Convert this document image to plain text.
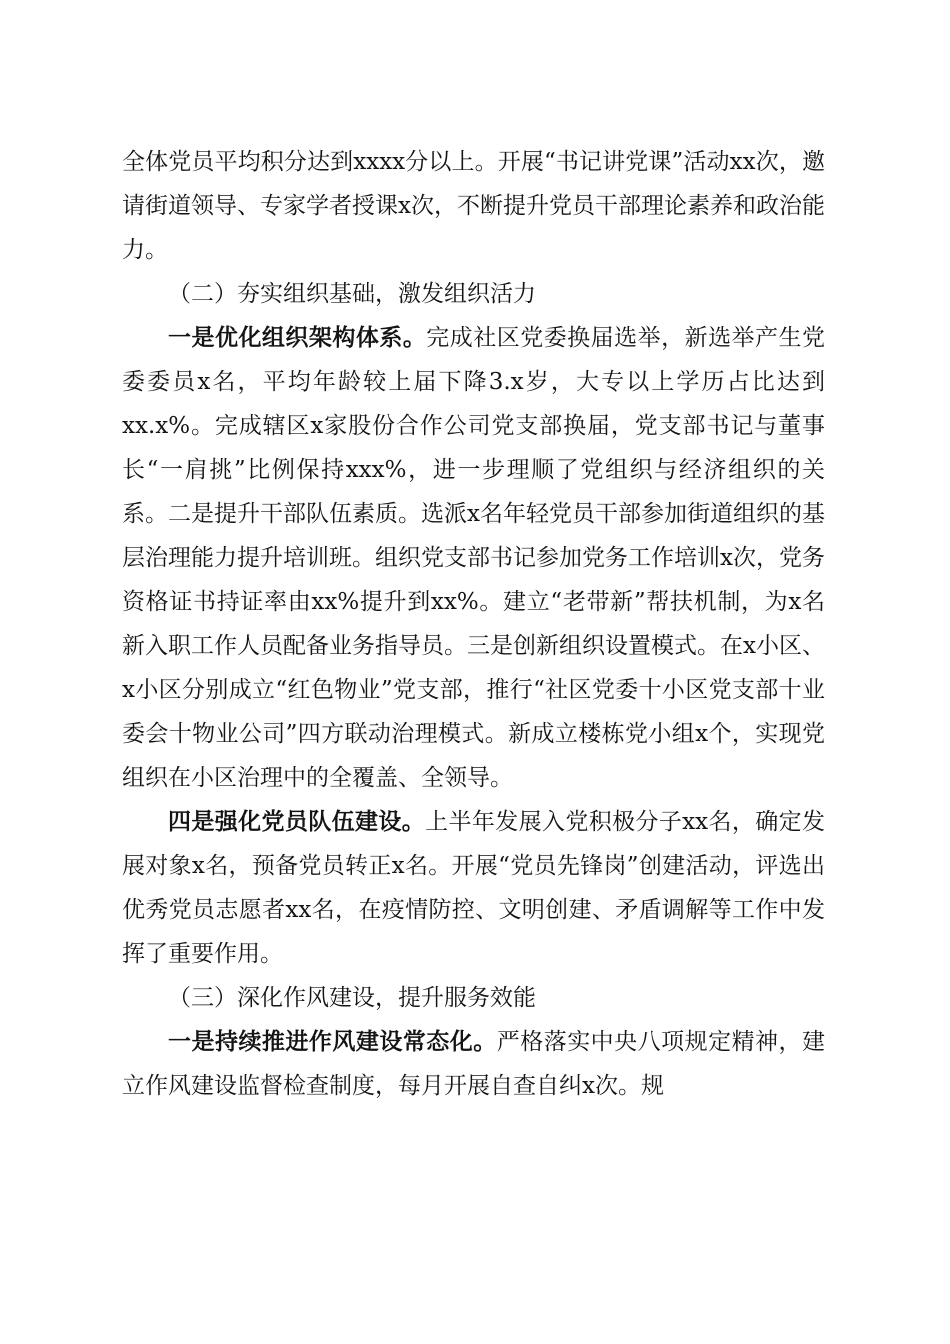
全体党员平均积分达到xxxx分以上。开展“书记讲党课”活动xx次，邀请街道领导、专家学者授课x次，不断提升党员干部理论素养和政治能力。

（二）夯实组织基础，激发组织活力

一是优化组织架构体系。完成社区党委换届选举，新选举产生党委委员x名，平均年龄较上届下降3.x岁，大专以上学历占比达到xx.x%。完成辖区x家股份合作公司党支部换届，党支部书记与董事长“一肩挑”比例保持xxx%，进一步理顺了党组织与经济组织的关系。二是提升干部队伍素质。选派x名年轻党员干部参加街道组织的基层治理能力提升培训班。组织党支部书记参加党务工作培训x次，党务资格证书持证率由xx%提升到xx%。建立“老带新”帮扶机制，为x名新入职工作人员配备业务指导员。三是创新组织设置模式。在x小区、x小区分别成立“红色物业”党支部，推行“社区党委十小区党支部十业委会十物业公司”四方联动治理模式。新成立楼栋党小组x个，实现党组织在小区治理中的全覆盖、全领导。

四是强化党员队伍建设。上半年发展入党积极分子xx名，确定发展对象x名，预备党员转正x名。开展“党员先锋岗”创建活动，评选出优秀党员志愿者xx名，在疫情防控、文明创建、矛盾调解等工作中发挥了重要作用。

（三）深化作风建设，提升服务效能

一是持续推进作风建设常态化。严格落实中央八项规定精神，建立作风建设监督检查制度，每月开展自查自纠x次。规
